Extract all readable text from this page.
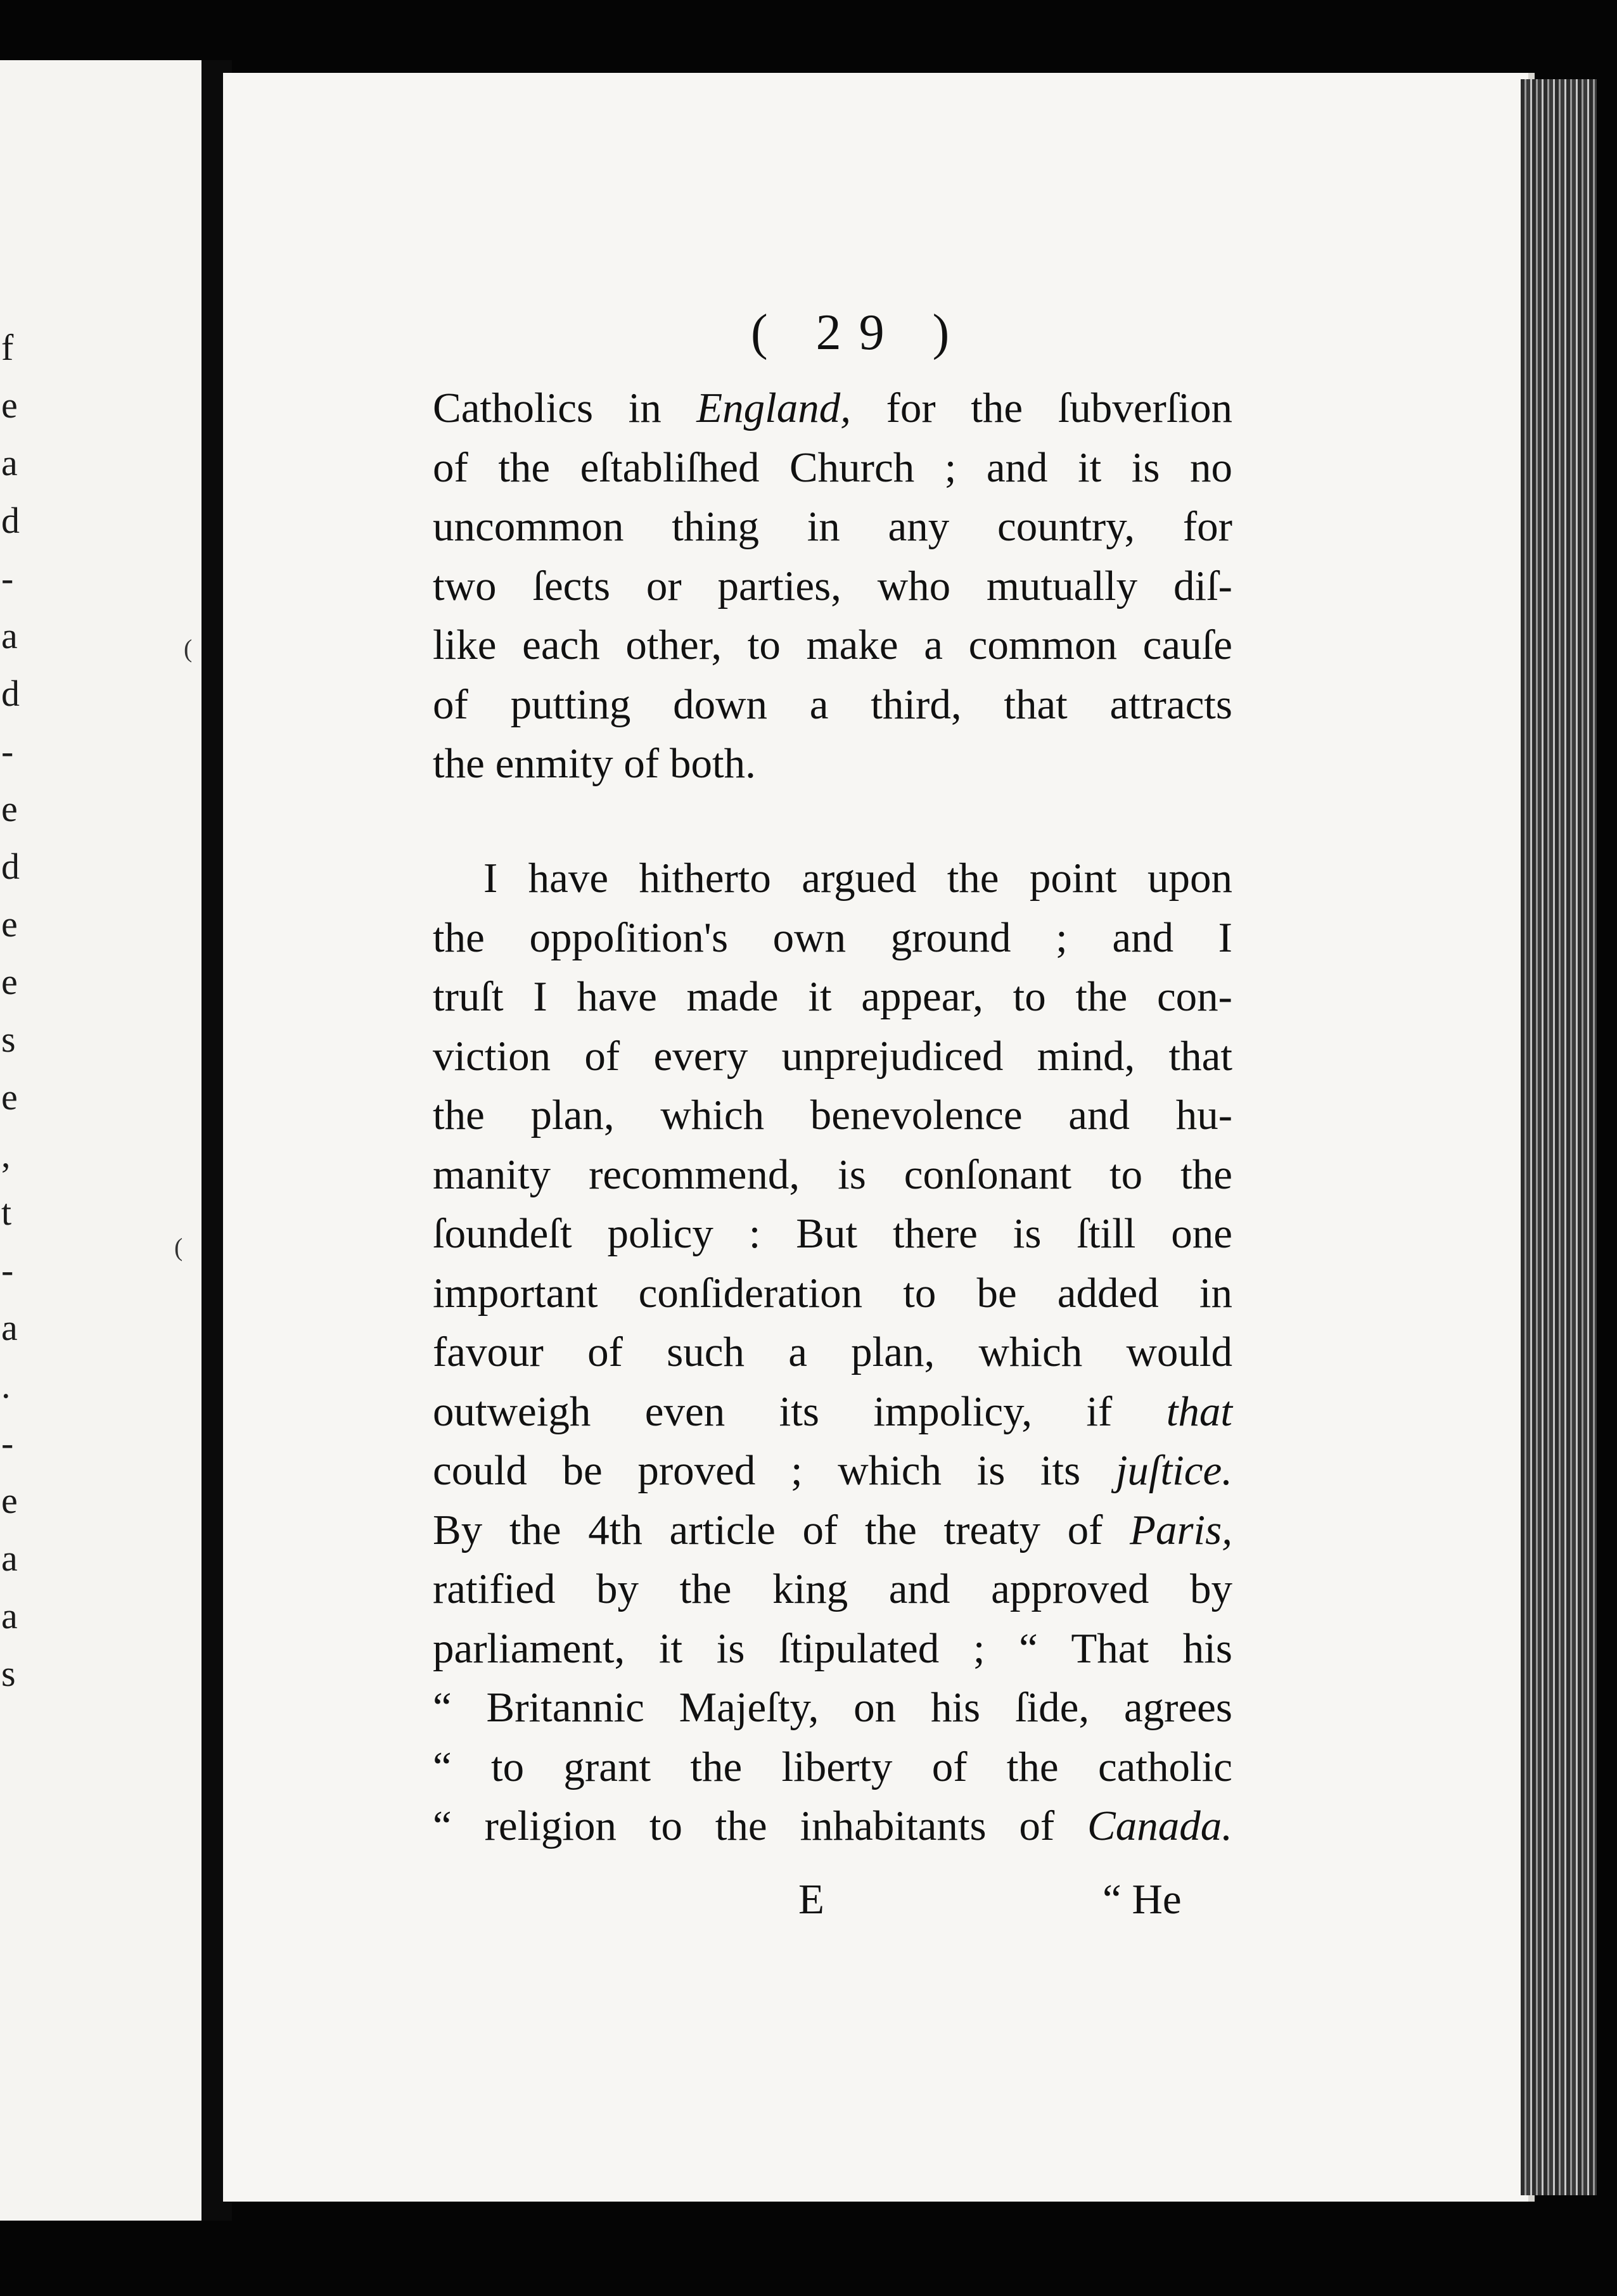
f
e
a
d
-
a
d
-
e
d
e
e
s
e
,
t
-
a
.
-
e
a
a
s
( 29 )
Catholics in England, for the ſubverſion
of the eſtabliſhed Church ; and it is no
uncommon thing in any country, for
two ſects or parties, who mutually diſ-
like each other, to make a common cauſe
of putting down a third, that attracts
the enmity of both.
I have hitherto argued the point upon
the oppoſition's own ground ; and I
truſt I have made it appear, to the con-
viction of every unprejudiced mind, that
the plan, which benevolence and hu-
manity recommend, is conſonant to the
ſoundeſt policy : But there is ſtill one
important conſideration to be added in
favour of such a plan, which would
outweigh even its impolicy, if that
could be proved ; which is its juſtice.
By the 4th article of the treaty of Paris,
ratified by the king and approved by
parliament, it is ſtipulated ; “ That his
“ Britannic Majeſty, on his ſide, agrees
“ to grant the liberty of the catholic
“ religion to the inhabitants of Canada.
E	“ He
(
(
